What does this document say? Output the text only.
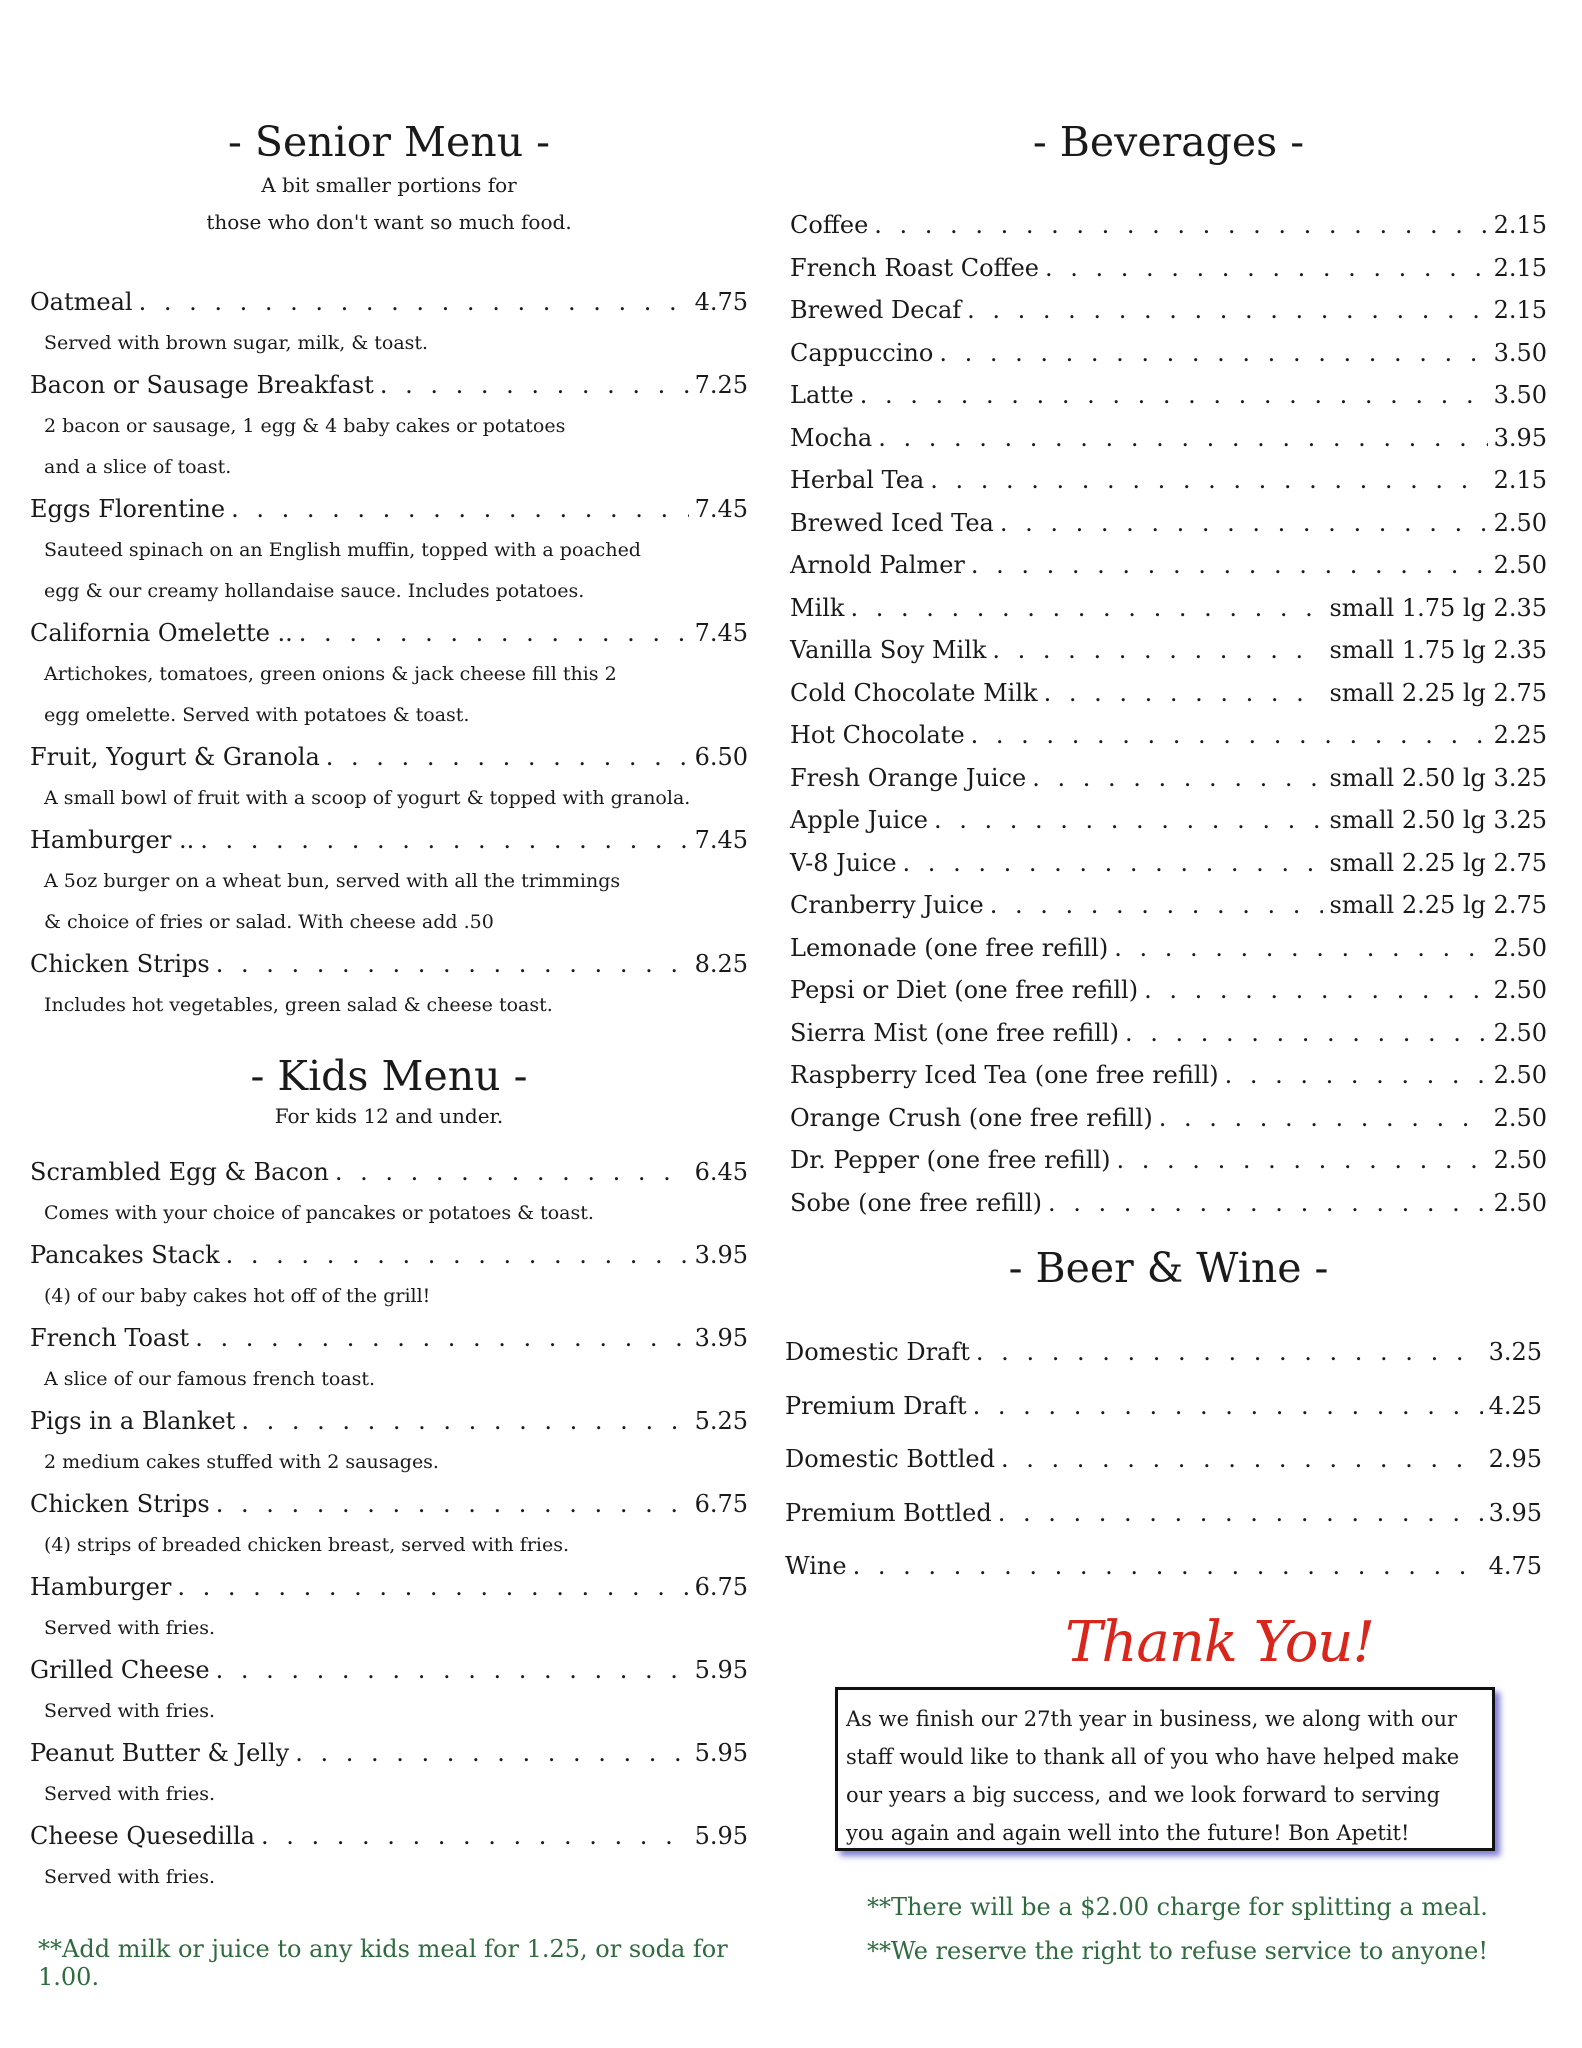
- Senior Menu -
A bit smaller portions for
those who don't want so much food.
Oatmeal . . .	4.75
Served with brown sugar, milk, & toast.
Bacon or Sausage Breakfast . . .	7.25
2 bacon or sausage, 1 egg & 4 baby cakes or potatoes
and a slice of toast.
Eggs Florentine . . .	7.45
Sauteed spinach on an English muffin, topped with a poached
egg & our creamy hollandaise sauce. Includes potatoes.
California Omelette .. . . .	7.45
Artichokes, tomatoes, green onions & jack cheese fill this 2
egg omelette. Served with potatoes & toast.
Fruit, Yogurt & Granola . . .	6.50
A small bowl of fruit with a scoop of yogurt & topped with granola.
Hamburger .. . . .	7.45
A 5oz burger on a wheat bun, served with all the trimmings
& choice of fries or salad. With cheese add .50
Chicken Strips . . .	8.25
Includes hot vegetables, green salad & cheese toast.
- Kids Menu -
For kids 12 and under.
Scrambled Egg & Bacon . . .	6.45
Comes with your choice of pancakes or potatoes & toast.
Pancakes Stack . . .	3.95
(4) of our baby cakes hot off of the grill!
French Toast . . .	3.95
A slice of our famous french toast.
Pigs in a Blanket . . .	5.25
2 medium cakes stuffed with 2 sausages.
Chicken Strips . . .	6.75
(4) strips of breaded chicken breast, served with fries.
Hamburger . . .	6.75
Served with fries.
Grilled Cheese . . .	5.95
Served with fries.
Peanut Butter & Jelly . . .	5.95
Served with fries.
Cheese Quesedilla . . .	5.95
Served with fries.
**Add milk or juice to any kids meal for 1.25, or soda for 1.00.
- Beverages -
Coffee . . .	2.15
French Roast Coffee . . .	2.15
Brewed Decaf . . .	2.15
Cappuccino . . .	3.50
Latte . . .	3.50
Mocha . . .	3.95
Herbal Tea . . .	2.15
Brewed Iced Tea . . .	2.50
Arnold Palmer . . .	2.50
Milk . . .	small 1.75 lg 2.35
Vanilla Soy Milk . . .	small 1.75 lg 2.35
Cold Chocolate Milk . . .	small 2.25 lg 2.75
Hot Chocolate . . .	2.25
Fresh Orange Juice . . .	small 2.50 lg 3.25
Apple Juice . . .	small 2.50 lg 3.25
V-8 Juice . . .	small 2.25 lg 2.75
Cranberry Juice . . .	small 2.25 lg 2.75
Lemonade (one free refill) . . .	2.50
Pepsi or Diet (one free refill) . . .	2.50
Sierra Mist (one free refill) . . .	2.50
Raspberry Iced Tea (one free refill) . . .	2.50
Orange Crush (one free refill) . . .	2.50
Dr. Pepper (one free refill) . . .	2.50
Sobe (one free refill) . . .	2.50
- Beer & Wine -
Domestic Draft . . .	3.25
Premium Draft . . .	4.25
Domestic Bottled . . .	2.95
Premium Bottled . . .	3.95
Wine . . .	4.75
Thank You!
As we finish our 27th year in business, we along with our staff would like to thank all of you who have helped make our years a big success, and we look forward to serving you again and again well into the future! Bon Apetit!
**There will be a $2.00 charge for splitting a meal.
**We reserve the right to refuse service to anyone!
